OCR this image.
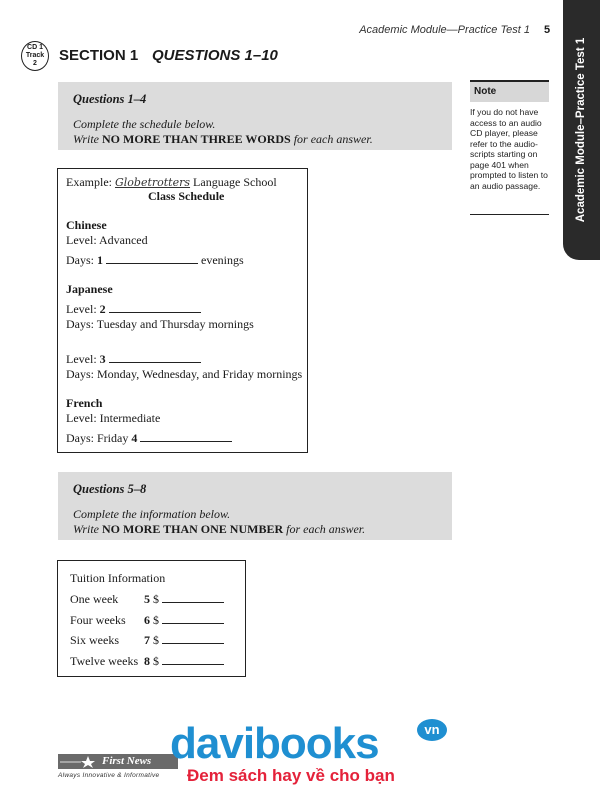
Academic Module—Practice Test 1 5
Academic Module–Practice Test 1
CD 1
Track
2	SECTION 1 QUESTIONS 1–10
Questions 1–4
Complete the schedule below.
Write NO MORE THAN THREE WORDS for each answer.
Note
If you do not have access to an audio CD player, please refer to the audio-scripts starting on page 401 when prompted to listen to an audio passage.
Example: Globetrotters Language School
Class Schedule
Chinese
Level: Advanced
Days: 1	evenings
Japanese
Level: 2
Days: Tuesday and Thursday mornings
Level: 3
Days: Monday, Wednesday, and Friday mornings
French
Level: Intermediate
Days: Friday 4
Questions 5–8
Complete the information below.
Write NO MORE THAN ONE NUMBER for each answer.
Tuition Information
One week 5 $
Four weeks 6 $
Six weeks 7 $
Twelve weeks 8 $
First News
Always Innovative & Informative
davibooks	vn
Đem sách hay về cho bạn
